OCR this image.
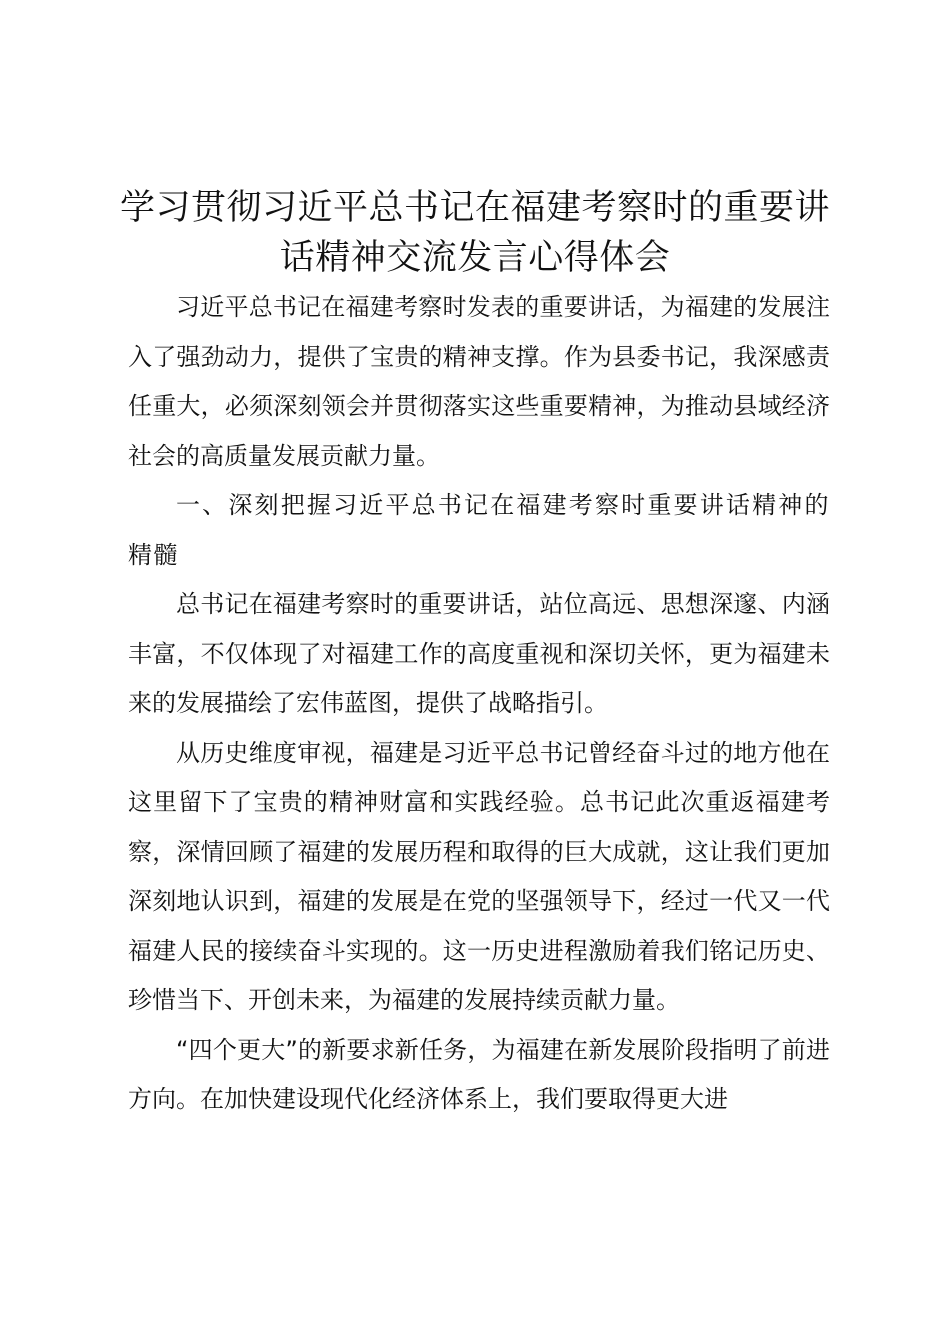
学习贯彻习近平总书记在福建考察时的重要讲话精神交流发言心得体会

习近平总书记在福建考察时发表的重要讲话，为福建的发展注入了强劲动力，提供了宝贵的精神支撑。作为县委书记，我深感责任重大，必须深刻领会并贯彻落实这些重要精神，为推动县域经济社会的高质量发展贡献力量。

一、深刻把握习近平总书记在福建考察时重要讲话精神的精髓

总书记在福建考察时的重要讲话，站位高远、思想深邃、内涵丰富，不仅体现了对福建工作的高度重视和深切关怀，更为福建未来的发展描绘了宏伟蓝图，提供了战略指引。

从历史维度审视，福建是习近平总书记曾经奋斗过的地方他在这里留下了宝贵的精神财富和实践经验。总书记此次重返福建考察，深情回顾了福建的发展历程和取得的巨大成就，这让我们更加深刻地认识到，福建的发展是在党的坚强领导下，经过一代又一代福建人民的接续奋斗实现的。这一历史进程激励着我们铭记历史、珍惜当下、开创未来，为福建的发展持续贡献力量。

“四个更大”的新要求新任务，为福建在新发展阶段指明了前进方向。在加快建设现代化经济体系上，我们要取得更大进
